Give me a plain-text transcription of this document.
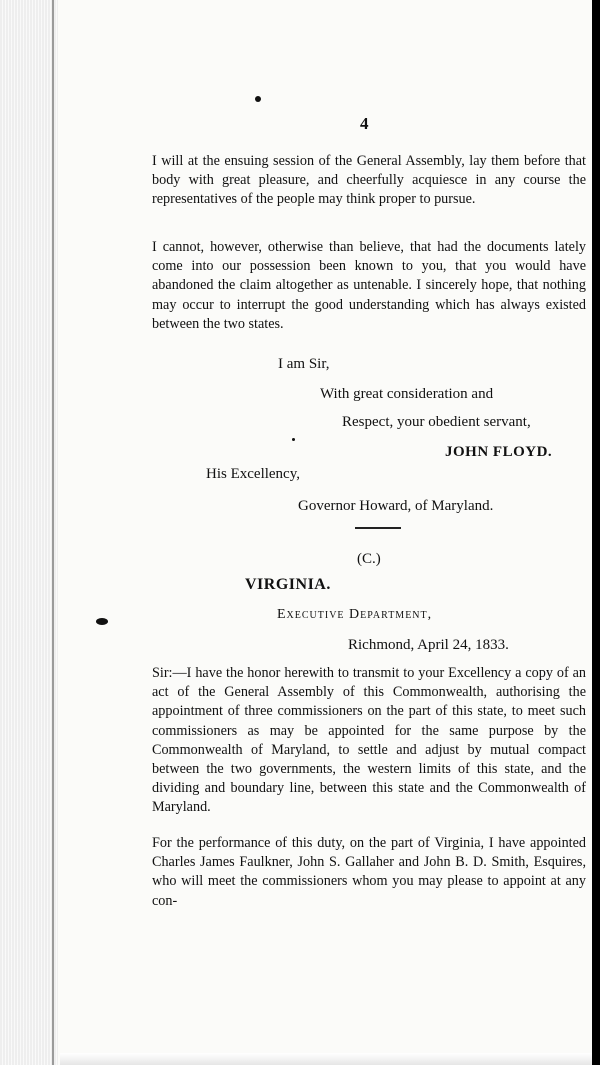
4
I will at the ensuing session of the General Assembly, lay them before that body with great pleasure, and cheerfully acquiesce in any course the representatives of the people may think proper to pursue.
I cannot, however, otherwise than believe, that had the documents lately come into our possession been known to you, that you would have abandoned the claim altogether as untenable. I sincerely hope, that nothing may occur to interrupt the good understanding which has always existed between the two states.
I am Sir,
With great consideration and
Respect, your obedient servant,
JOHN FLOYD.
His Excellency,
Governor Howard, of Maryland.
(C.)
VIRGINIA.
Executive Department,
Richmond, April 24, 1833.
Sir:—I have the honor herewith to transmit to your Excellency a copy of an act of the General Assembly of this Commonwealth, authorising the appointment of three commissioners on the part of this state, to meet such commissioners as may be appointed for the same purpose by the Commonwealth of Maryland, to settle and adjust by mutual compact between the two governments, the western limits of this state, and the dividing and boundary line, between this state and the Commonwealth of Maryland.
For the performance of this duty, on the part of Virginia, I have appointed Charles James Faulkner, John S. Gallaher and John B. D. Smith, Esquires, who will meet the commissioners whom you may please to appoint at any con-
